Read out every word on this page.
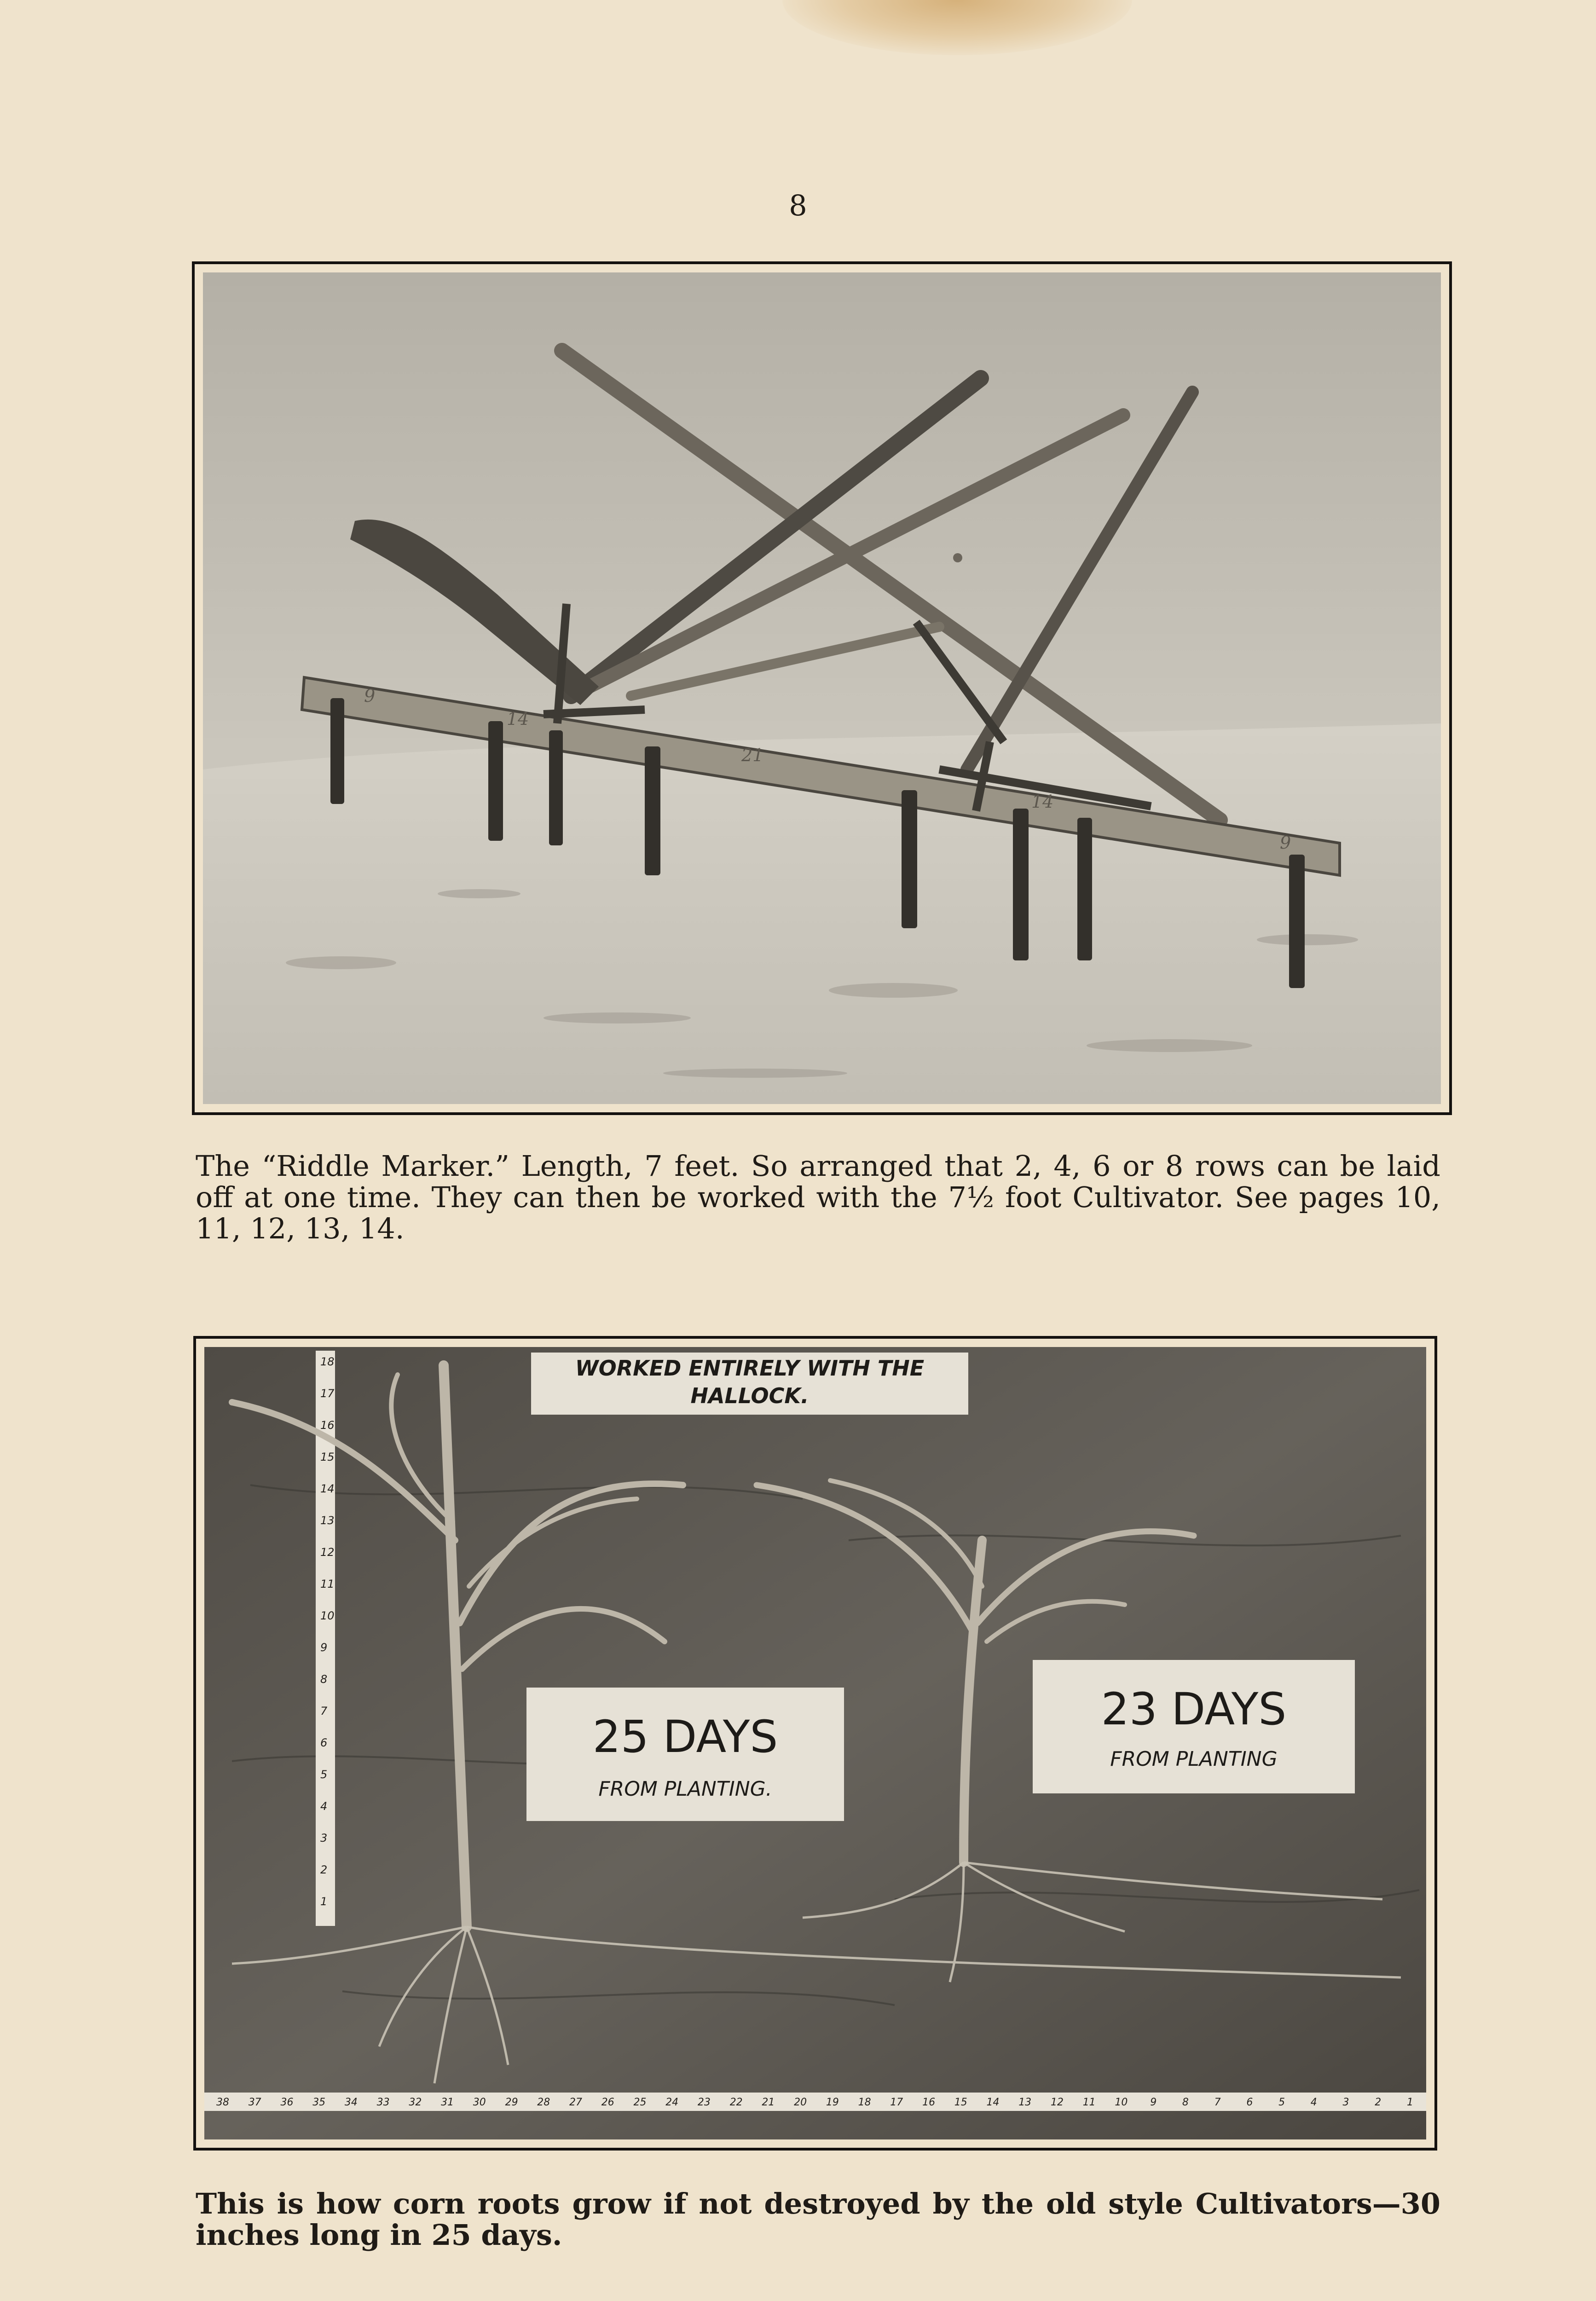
8
9
14
21
14
9

The “Riddle Marker.” Length, 7 feet. So arranged that 2, 4, 6 or 8 rows can be laid off at one time. They can then be worked with the 7½ foot Cultivator. See pages 10, 11, 12, 13, 14.

WORKED ENTIRELY WITH THE
HALLOCK.
18
17
16
15
14
13
12
11
10
9
8
7
6
5
4
3
2
1
25 DAYS
FROM PLANTING.
23 DAYS
FROM PLANTING
38 37 36 35 34 33 32 31 30 29 28 27 26 25 24 23 22 21 20 19 18 17 16 15 14 13 12 11 10 9	8	7	6	5	4	3	2	1

This is how corn roots grow if not destroyed by the old style Cultivators—30 inches long in 25 days.
